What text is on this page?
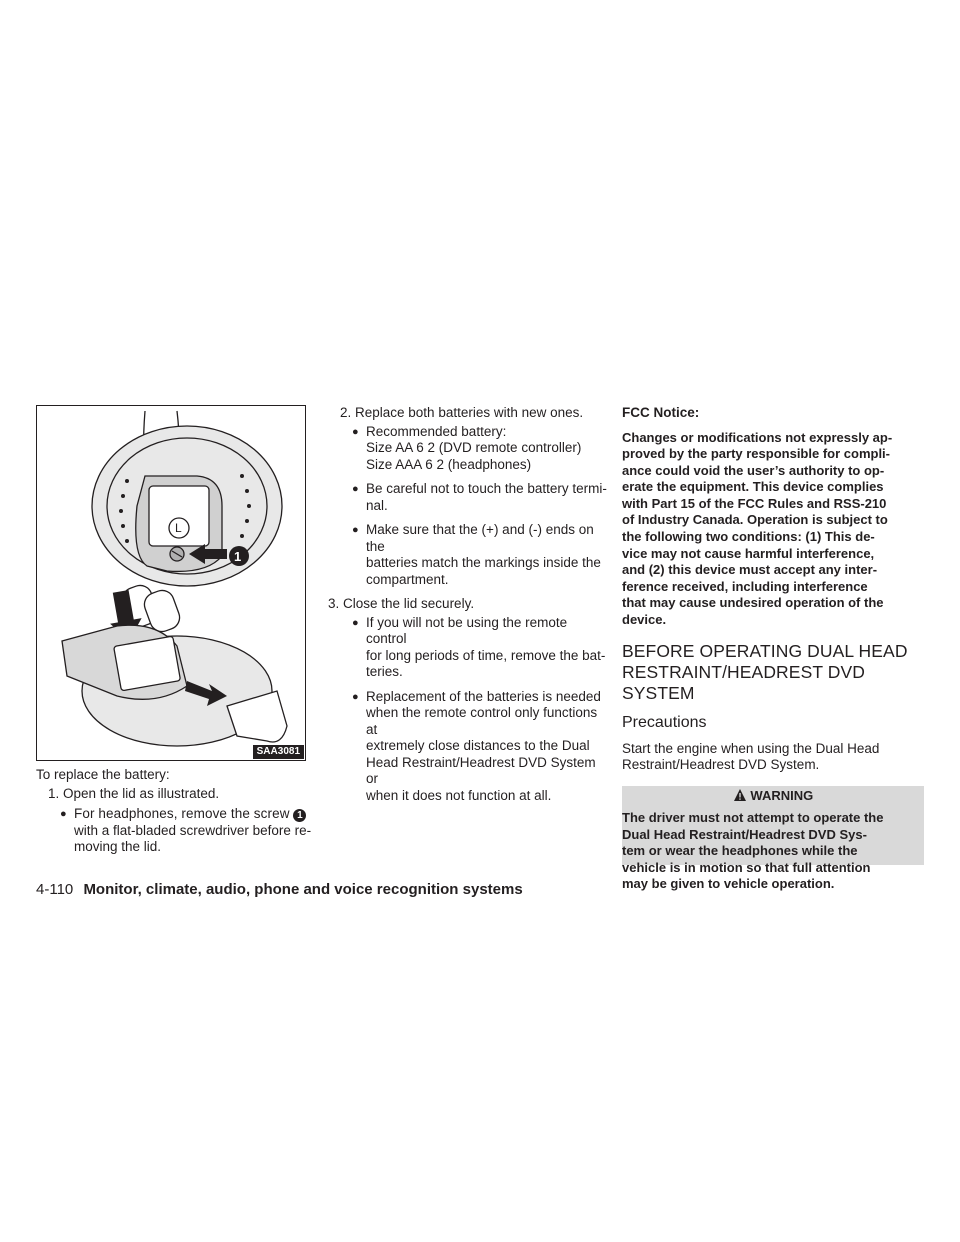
L
1
SAA3081

To replace the battery:

1. Open the lid as illustrated.

● For headphones, remove the screw 1
with a flat-bladed screwdriver before re-
moving the lid.

2. Replace both batteries with new ones.

● Recommended battery:
Size AA 6 2 (DVD remote controller)
Size AAA 6 2 (headphones)
● Be careful not to touch the battery termi-
nal.
● Make sure that the (+) and (-) ends on the
batteries match the markings inside the
compartment.

3. Close the lid securely.

● If you will not be using the remote control
for long periods of time, remove the bat-
teries.
● Replacement of the batteries is needed
when the remote control only functions at
extremely close distances to the Dual
Head Restraint/Headrest DVD System or
when it does not function at all.

FCC Notice:

Changes or modifications not expressly ap-
proved by the party responsible for compli-
ance could void the user’s authority to op-
erate the equipment. This device complies
with Part 15 of the FCC Rules and RSS-210
of Industry Canada. Operation is subject to
the following two conditions: (1) This de-
vice may not cause harmful interference,
and (2) this device must accept any inter-
ference received, including interference
that may cause undesired operation of the
device.
BEFORE OPERATING DUAL HEAD
RESTRAINT/HEADREST DVD
SYSTEM
Precautions
Start the engine when using the Dual Head
Restraint/Headrest DVD System.
WARNING
The driver must not attempt to operate the
Dual Head Restraint/Headrest DVD Sys-
tem or wear the headphones while the
vehicle is in motion so that full attention
may be given to vehicle operation.
4-110 Monitor, climate, audio, phone and voice recognition systems
